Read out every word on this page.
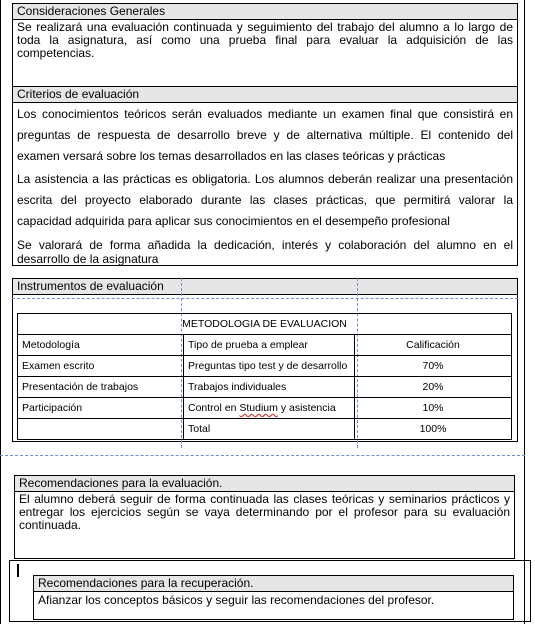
Consideraciones Generales
Se realizará una evaluación continuada y seguimiento del trabajo del alumno a lo largo de toda la asignatura, así como una prueba final para evaluar la adquisición de las competencias.
Criterios de evaluación

Los conocimientos teóricos serán evaluados mediante un examen final que consistirá en preguntas de respuesta de desarrollo breve y de alternativa múltiple. El contenido del examen versará sobre los temas desarrollados en las clases teóricas y prácticas

La asistencia a las prácticas es obligatoria. Los alumnos deberán realizar una presentación escrita del proyecto elaborado durante las clases prácticas, que permitirá valorar la capacidad adquirida para aplicar sus conocimientos en el desempeño profesional

Se valorará de forma añadida la dedicación, interés y colaboración del alumno en el desarrollo de la asignatura

Instrumentos de evaluación
METODOLOGIA DE EVALUACION		
Metodología	Tipo de prueba a emplear	Calificación
Examen escrito	Preguntas tipo test y de desarrollo	70%
Presentación de trabajos	Trabajos individuales	20%
Participación	Control en Studium y asistencia	10%
	Total	100%
Recomendaciones para la evaluación.
El alumno deberá seguir de forma continuada las clases teóricas y seminarios prácticos y entregar los ejercicios según se vaya determinando por el profesor para su evaluación continuada.
Recomendaciones para la recuperación.
Afianzar los conceptos básicos y seguir las recomendaciones del profesor.
